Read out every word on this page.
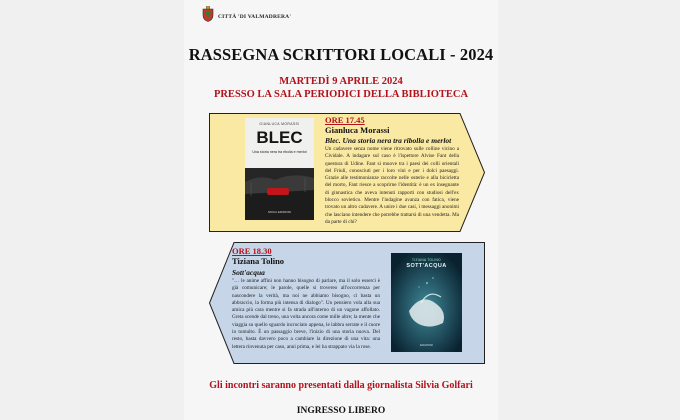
CITTÀ 'DI VALMADRERA'
RASSEGNA SCRITTORI LOCALI - 2024
MARTEDÌ 9 APRILE 2024
PRESSO LA SALA PERIODICI DELLA BIBLIOTECA
GIANLUCA MORASSI
BLEC
Una storia nera tra ribolla e merlot
MOCA EDIZIONI
ORE 17.45
Gianluca Morassi
Blec. Una storia nera tra ribolla e merlot
Un cadavere senza nome viene ritrovato sulle colline vicino a Cividale. A indagare sul caso è l'ispettore Alvise Fant della questura di Udine. Fant si muove tra i paesi dei colli orientali del Friuli, conosciuti per i loro vini e per i dolci paesaggi. Grazie alle testimonianze raccolte nelle osterie e alla bicicletta del morto, Fant riesce a scoprirne l'identità: è un ex insegnante di ginnastica che aveva intenuti rapporti con studiosi dell'ex blocco sovietico. Mentre l'indagine avanza con fatica, viene trovato un altro cadavere. A unire i due casi, i messaggi anonimi che lasciano intendere che potrebbe trattarsi di una vendetta. Ma da parte di chi?
ORE 18.30
Tiziana Tolino
Sott'acqua
"… le anime affini non hanno bisogno di parlare, ma il solo esserci è già comunicare; le parole, quelle si trovereo all'occorrenza per nascondere la verità, ma noi ne abbiamo bisogno, ci basta un abbraccio, la forma più intensa di dialogo". Un pensiero vola alla sua amica più cara mentre si fa strada all'interno di un vagone affollato. Greta scende dal treno, una volta ancora come mille altre; la mente che viaggia su quello sguardo incrociato appena, le labbra serrate e il cuore in tumulto. È un passaggio breve, l'inizio di una storia nuova. Del resto, basta davvero poco a cambiare la direzione di una vita: una lettera rinvenuta per caso, anni prima, e lei ha strappato via la rose.
TIZIANA TOLINO
SOTT'ACQUA
EDIZIONI
Gli incontri saranno presentati dalla giornalista Silvia Golfari
INGRESSO LIBERO
